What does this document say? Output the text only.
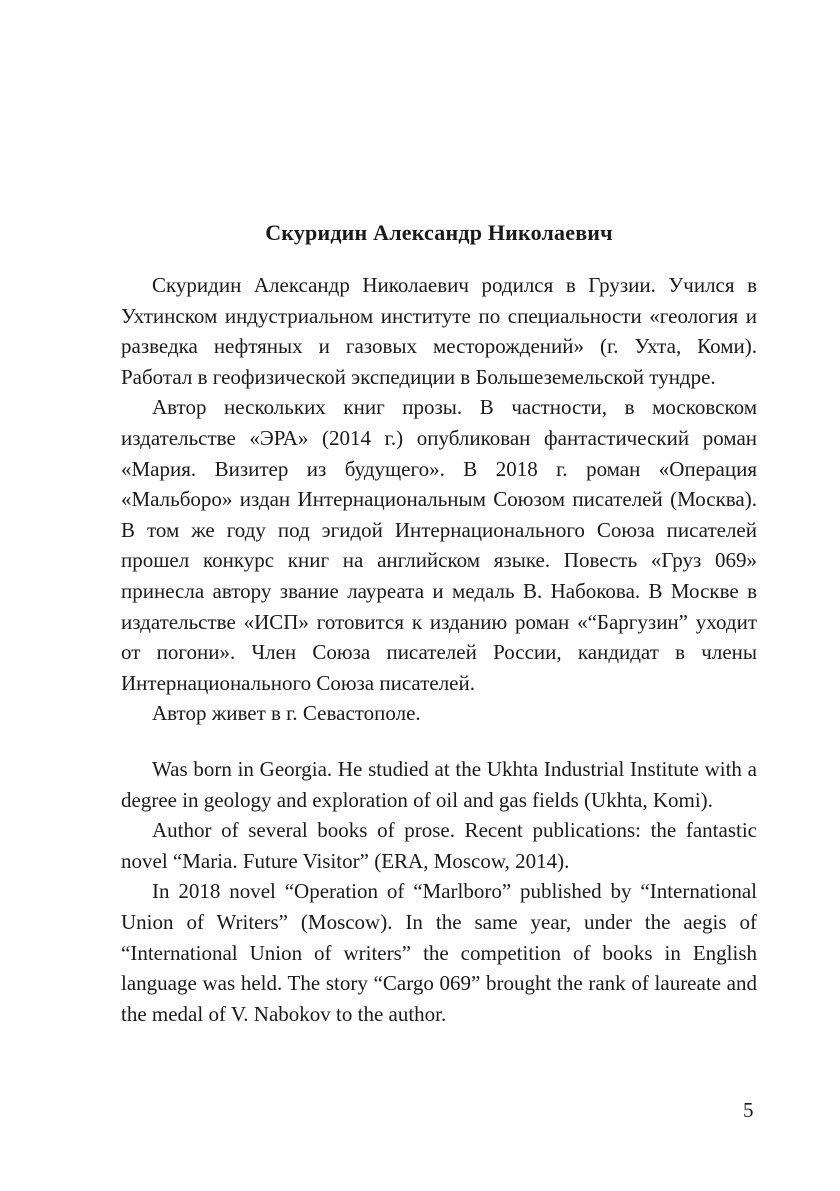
Скуридин Александр Николаевич

Скуридин Александр Николаевич родился в Грузии. Учился в Ухтинском индустриальном институте по специальности «геология и разведка нефтяных и газовых месторождений» (г. Ухта, Коми). Работал в геофизической экспедиции в Большеземельской тундре.

Автор нескольких книг прозы. В частности, в московском издательстве «ЭРА» (2014 г.) опубликован фантастический роман «Мария. Визитер из будущего». В 2018 г. роман «Операция «Мальборо» издан Интернациональным Союзом писателей (Москва). В том же году под эгидой Интернационального Союза писателей прошел конкурс книг на английском языке. Повесть «Груз 069» принесла автору звание лауреата и медаль В. Набокова. В Москве в издательстве «ИСП» готовится к изданию роман «“Баргузин” уходит от погони». Член Союза писателей России, кандидат в члены Интернационального Союза писателей.

Автор живет в г. Севастополе.

Was born in Georgia. He studied at the Ukhta Industrial Institute with a degree in geology and exploration of oil and gas fields (Ukhta, Komi).

Author of several books of prose. Recent publications: the fantastic novel “Maria. Future Visitor” (ERA, Moscow, 2014).

In 2018 novel “Operation of “Marlboro” published by “International Union of Writers” (Moscow). In the same year, under the aegis of “International Union of writers” the competition of books in English language was held. The story “Cargo 069” brought the rank of laureate and the medal of V. Nabokov to the author.

5
